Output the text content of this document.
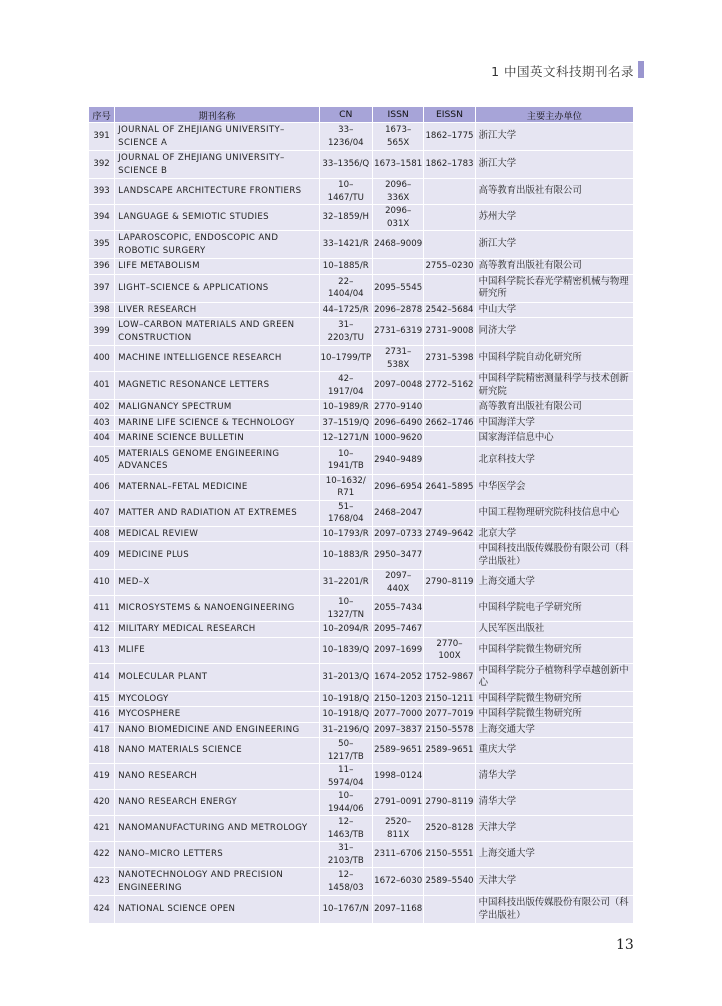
1 中国英文科技期刊名录
序号	期刊名称	CN	ISSN	EISSN	主要主办单位
391	JOURNAL OF ZHEJIANG UNIVERSITY–SCIENCE A	33–1236/04	1673–565X	1862–1775	浙江大学
392	JOURNAL OF ZHEJIANG UNIVERSITY–SCIENCE B	33–1356/Q	1673–1581	1862–1783	浙江大学
393	LANDSCAPE ARCHITECTURE FRONTIERS	10–1467/TU	2096–336X		高等教育出版社有限公司
394	LANGUAGE & SEMIOTIC STUDIES	32–1859/H	2096–031X		苏州大学
395	LAPAROSCOPIC, ENDOSCOPIC AND ROBOTIC SURGERY	33–1421/R	2468–9009		浙江大学
396	LIFE METABOLISM	10–1885/R		2755–0230	高等教育出版社有限公司
397	LIGHT–SCIENCE & APPLICATIONS	22–1404/04	2095–5545		中国科学院长春光学精密机械与物理研究所
398	LIVER RESEARCH	44–1725/R	2096–2878	2542–5684	中山大学
399	LOW–CARBON MATERIALS AND GREEN CONSTRUCTION	31–2203/TU	2731–6319	2731–9008	同济大学
400	MACHINE INTELLIGENCE RESEARCH	10–1799/TP	2731–538X	2731–5398	中国科学院自动化研究所
401	MAGNETIC RESONANCE LETTERS	42–1917/04	2097–0048	2772–5162	中国科学院精密测量科学与技术创新研究院
402	MALIGNANCY SPECTRUM	10–1989/R	2770–9140		高等教育出版社有限公司
403	MARINE LIFE SCIENCE & TECHNOLOGY	37–1519/Q	2096–6490	2662–1746	中国海洋大学
404	MARINE SCIENCE BULLETIN	12–1271/N	1000–9620		国家海洋信息中心
405	MATERIALS GENOME ENGINEERING ADVANCES	10–1941/TB	2940–9489		北京科技大学
406	MATERNAL–FETAL MEDICINE	10–1632/ R71	2096–6954	2641–5895	中华医学会
407	MATTER AND RADIATION AT EXTREMES	51–1768/04	2468–2047		中国工程物理研究院科技信息中心
408	MEDICAL REVIEW	10–1793/R	2097–0733	2749–9642	北京大学
409	MEDICINE PLUS	10–1883/R	2950–3477		中国科技出版传媒股份有限公司（科学出版社）
410	MED–X	31–2201/R	2097–440X	2790–8119	上海交通大学
411	MICROSYSTEMS & NANOENGINEERING	10–1327/TN	2055–7434		中国科学院电子学研究所
412	MILITARY MEDICAL RESEARCH	10–2094/R	2095–7467		人民军医出版社
413	MLIFE	10–1839/Q	2097–1699	2770–100X	中国科学院微生物研究所
414	MOLECULAR PLANT	31–2013/Q	1674–2052	1752–9867	中国科学院分子植物科学卓越创新中心
415	MYCOLOGY	10–1918/Q	2150–1203	2150–1211	中国科学院微生物研究所
416	MYCOSPHERE	10–1918/Q	2077–7000	2077–7019	中国科学院微生物研究所
417	NANO BIOMEDICINE AND ENGINEERING	31–2196/Q	2097–3837	2150–5578	上海交通大学
418	NANO MATERIALS SCIENCE	50–1217/TB	2589–9651	2589–9651	重庆大学
419	NANO RESEARCH	11–5974/04	1998–0124		清华大学
420	NANO RESEARCH ENERGY	10–1944/06	2791–0091	2790–8119	清华大学
421	NANOMANUFACTURING AND METROLOGY	12–1463/TB	2520–811X	2520–8128	天津大学
422	NANO–MICRO LETTERS	31–2103/TB	2311–6706	2150–5551	上海交通大学
423	NANOTECHNOLOGY AND PRECISION ENGINEERING	12–1458/03	1672–6030	2589–5540	天津大学
424	NATIONAL SCIENCE OPEN	10–1767/N	2097–1168		中国科技出版传媒股份有限公司（科学出版社）
13
